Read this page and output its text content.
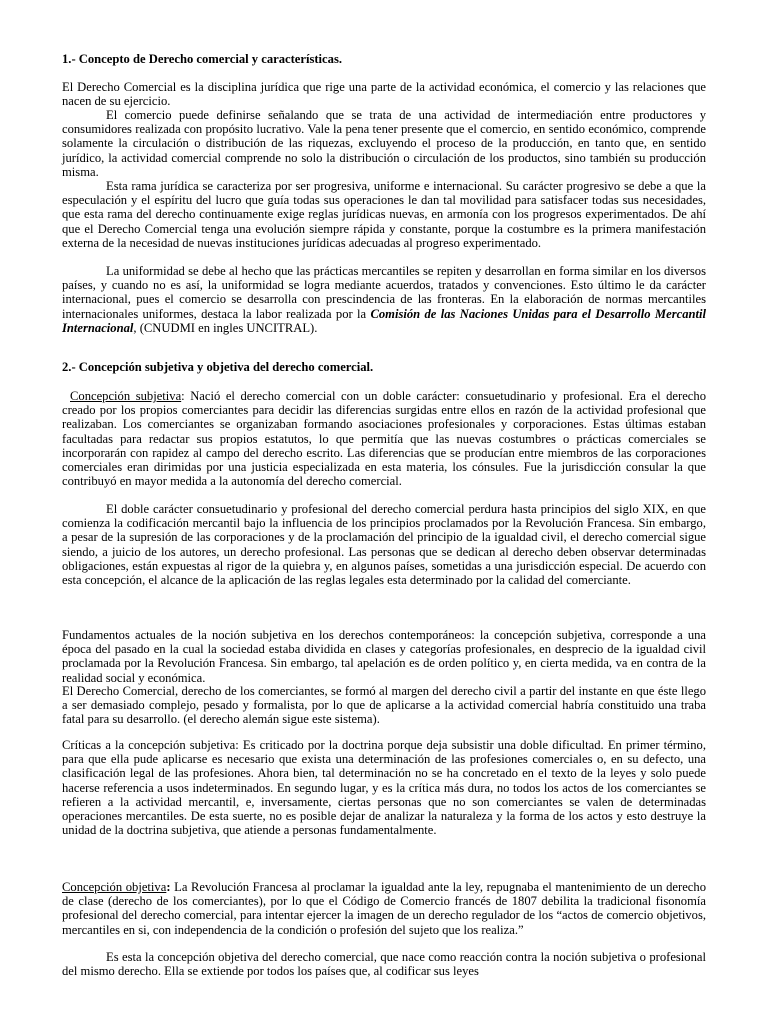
1.- Concepto de Derecho comercial y características.

El Derecho Comercial es la disciplina jurídica que rige una parte de la actividad económica, el comercio y las relaciones que nacen de su ejercicio.

El comercio puede definirse señalando que se trata de una actividad de intermediación entre productores y consumidores realizada con propósito lucrativo. Vale la pena tener presente que el comercio, en sentido económico, comprende solamente la circulación o distribución de las riquezas, excluyendo el proceso de la producción, en tanto que, en sentido jurídico, la actividad comercial comprende no solo la distribución o circulación de los productos, sino también su producción misma.

Esta rama jurídica se caracteriza por ser progresiva, uniforme e internacional. Su carácter progresivo se debe a que la especulación y el espíritu del lucro que guía todas sus operaciones le dan tal movilidad para satisfacer todas sus necesidades, que esta rama del derecho continuamente exige reglas jurídicas nuevas, en armonía con los progresos experimentados. De ahí que el Derecho Comercial tenga una evolución siempre rápida y constante, porque la costumbre es la primera manifestación externa de la necesidad de nuevas instituciones jurídicas adecuadas al progreso experimentado.

La uniformidad se debe al hecho que las prácticas mercantiles se repiten y desarrollan en forma similar en los diversos países, y cuando no es así, la uniformidad se logra mediante acuerdos, tratados y convenciones. Esto último le da carácter internacional, pues el comercio se desarrolla con prescindencia de las fronteras. En la elaboración de normas mercantiles internacionales uniformes, destaca la labor realizada por la Comisión de las Naciones Unidas para el Desarrollo Mercantil Internacional, (CNUDMI en ingles UNCITRAL).

2.- Concepción subjetiva y objetiva del derecho comercial.

Concepción subjetiva: Nació el derecho comercial con un doble carácter: consuetudinario y profesional. Era el derecho creado por los propios comerciantes para decidir las diferencias surgidas entre ellos en razón de la actividad profesional que realizaban. Los comerciantes se organizaban formando asociaciones profesionales y corporaciones. Estas últimas estaban facultadas para redactar sus propios estatutos, lo que permitía que las nuevas costumbres o prácticas comerciales se incorporarán con rapidez al campo del derecho escrito. Las diferencias que se producían entre miembros de las corporaciones comerciales eran dirimidas por una justicia especializada en esta materia, los cónsules. Fue la jurisdicción consular la que contribuyó en mayor medida a la autonomía del derecho comercial.

El doble carácter consuetudinario y profesional del derecho comercial perdura hasta principios del siglo XIX, en que comienza la codificación mercantil bajo la influencia de los principios proclamados por la Revolución Francesa. Sin embargo, a pesar de la supresión de las corporaciones y de la proclamación del principio de la igualdad civil, el derecho comercial sigue siendo, a juicio de los autores, un derecho profesional. Las personas que se dedican al derecho deben observar determinadas obligaciones, están expuestas al rigor de la quiebra y, en algunos países, sometidas a una jurisdicción especial. De acuerdo con esta concepción, el alcance de la aplicación de las reglas legales esta determinado por la calidad del comerciante.

Fundamentos actuales de la noción subjetiva en los derechos contemporáneos: la concepción subjetiva, corresponde a una época del pasado en la cual la sociedad estaba dividida en clases y categorías profesionales, en desprecio de la igualdad civil proclamada por la Revolución Francesa. Sin embargo, tal apelación es de orden político y, en cierta medida, va en contra de la realidad social y económica.

El Derecho Comercial, derecho de los comerciantes, se formó al margen del derecho civil a partir del instante en que éste llego a ser demasiado complejo, pesado y formalista, por lo que de aplicarse a la actividad comercial habría constituido una traba fatal para su desarrollo. (el derecho alemán sigue este sistema).

Críticas a la concepción subjetiva: Es criticado por la doctrina porque deja subsistir una doble dificultad. En primer término, para que ella pude aplicarse es necesario que exista una determinación de las profesiones comerciales o, en su defecto, una clasificación legal de las profesiones. Ahora bien, tal determinación no se ha concretado en el texto de la leyes y solo puede hacerse referencia a usos indeterminados. En segundo lugar, y es la crítica más dura, no todos los actos de los comerciantes se refieren a la actividad mercantil, e, inversamente, ciertas personas que no son comerciantes se valen de determinadas operaciones mercantiles. De esta suerte, no es posible dejar de analizar la naturaleza y la forma de los actos y esto destruye la unidad de la doctrina subjetiva, que atiende a personas fundamentalmente.

Concepción objetiva: La Revolución Francesa al proclamar la igualdad ante la ley, repugnaba el mantenimiento de un derecho de clase (derecho de los comerciantes), por lo que el Código de Comercio francés de 1807 debilita la tradicional fisonomía profesional del derecho comercial, para intentar ejercer la imagen de un derecho regulador de los “actos de comercio objetivos, mercantiles en si, con independencia de la condición o profesión del sujeto que los realiza.”

Es esta la concepción objetiva del derecho comercial, que nace como reacción contra la noción subjetiva o profesional del mismo derecho. Ella se extiende por todos los países que, al codificar sus leyes
